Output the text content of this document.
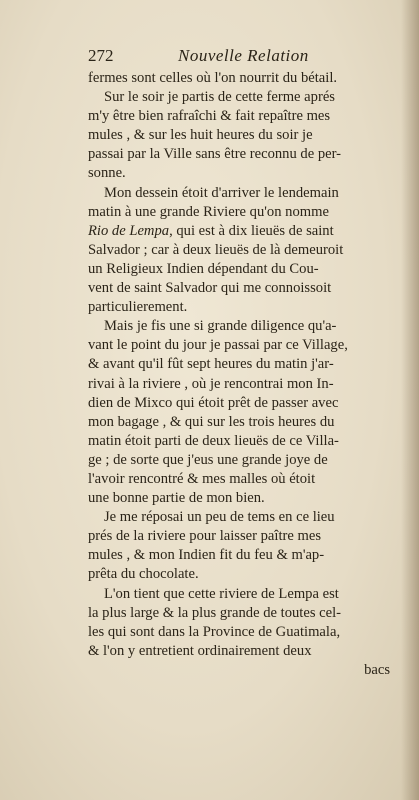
272	Nouvelle Relation
fermes sont celles où l'on nourrit du bétail.
Sur le soir je partis de cette ferme aprés
m'y être bien rafraîchi & fait repaître mes
mules , & sur les huit heures du soir je
passai par la Ville sans être reconnu de per-
sonne.
Mon dessein étoit d'arriver le lendemain
matin à une grande Riviere qu'on nomme
Rio de Lempa, qui est à dix lieuës de saint
Salvador ; car à deux lieuës de là demeuroit
un Religieux Indien dépendant du Cou-
vent de saint Salvador qui me connoissoit
particulierement.
Mais je fis une si grande diligence qu'a-
vant le point du jour je passai par ce Village,
& avant qu'il fût sept heures du matin j'ar-
rivai à la riviere , où je rencontrai mon In-
dien de Mixco qui étoit prêt de passer avec
mon bagage , & qui sur les trois heures du
matin étoit parti de deux lieuës de ce Villa-
ge ; de sorte que j'eus une grande joye de
l'avoir rencontré & mes malles où étoit
une bonne partie de mon bien.
Je me réposai un peu de tems en ce lieu
prés de la riviere pour laisser paître mes
mules , & mon Indien fit du feu & m'ap-
prêta du chocolate.
L'on tient que cette riviere de Lempa est
la plus large & la plus grande de toutes cel-
les qui sont dans la Province de Guatimala,
& l'on y entretient ordinairement deux
bacs
